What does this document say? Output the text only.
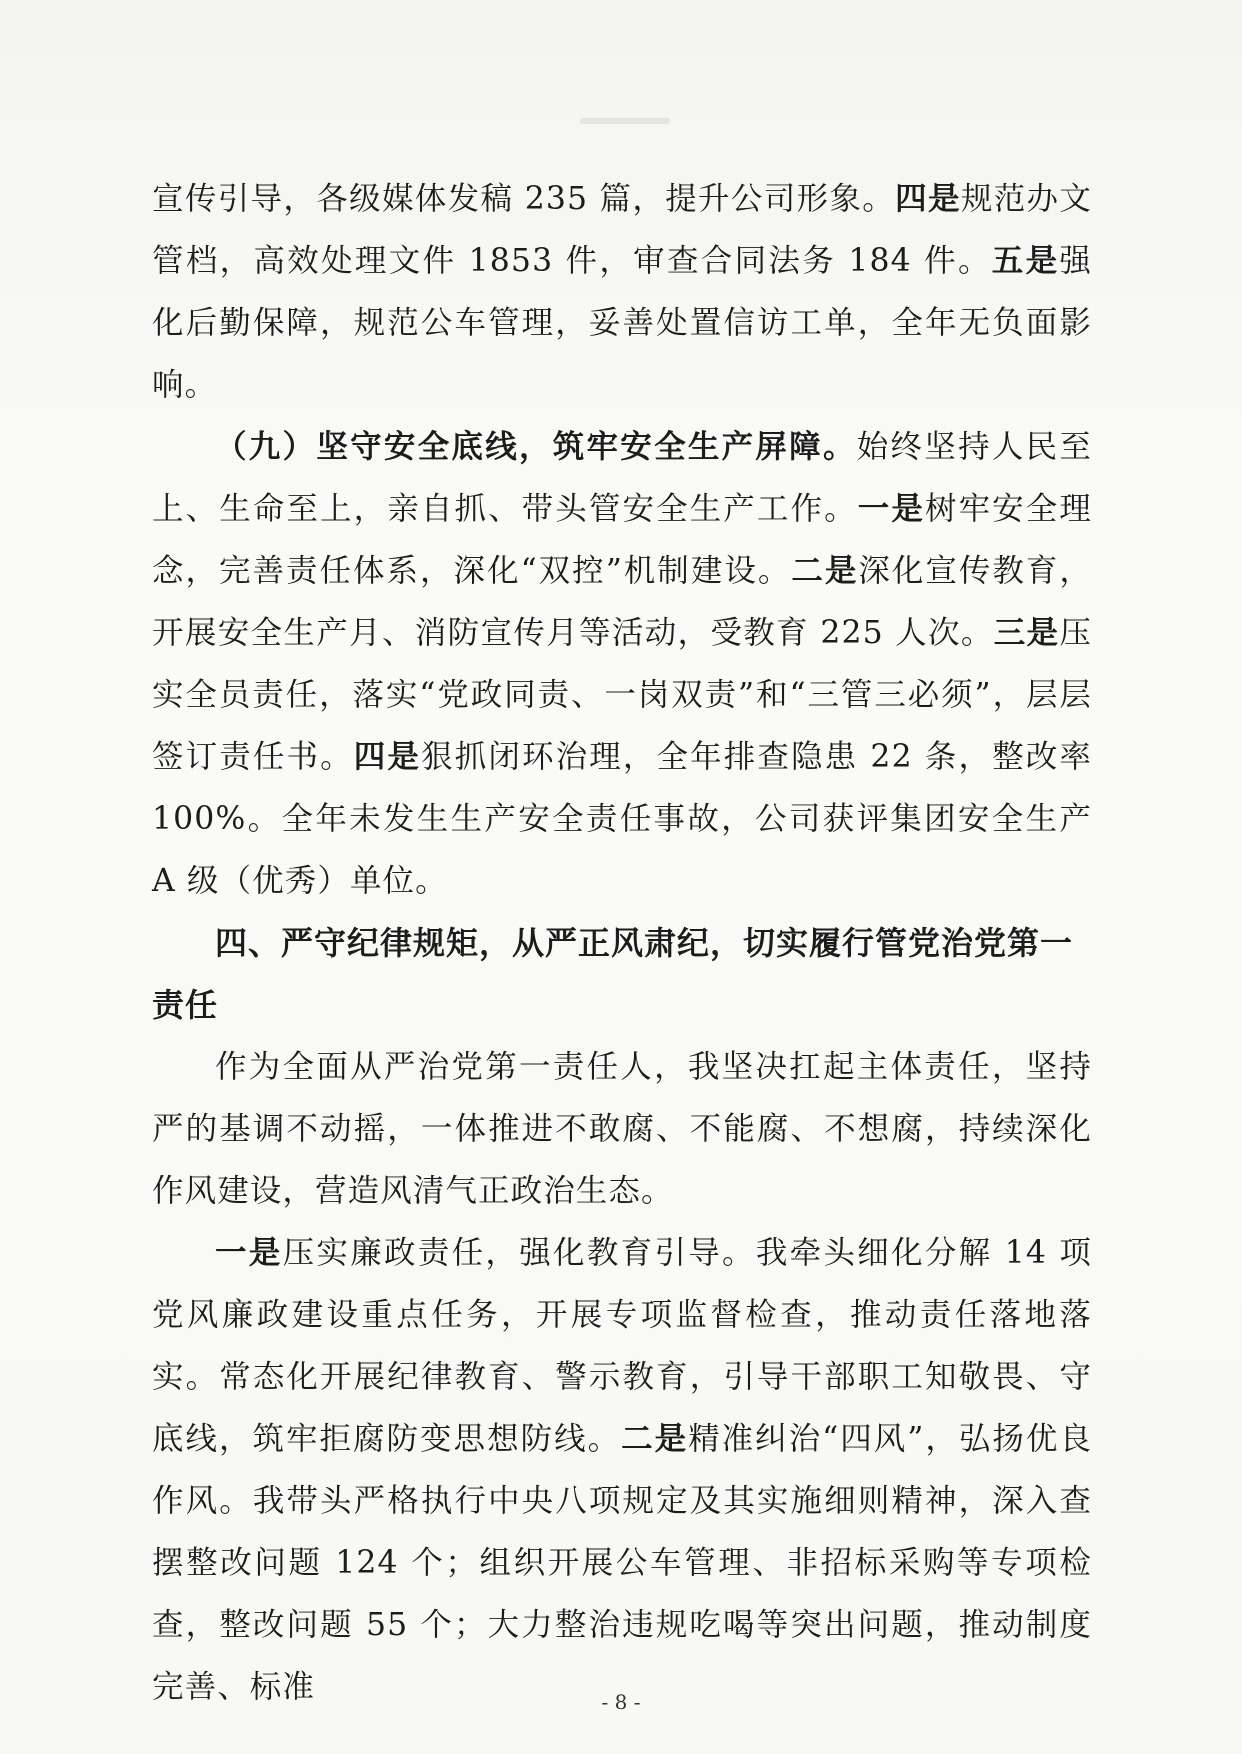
宣传引导，各级媒体发稿 235 篇，提升公司形象。四是规范办文管档，高效处理文件 1853 件，审查合同法务 184 件。五是强化后勤保障，规范公车管理，妥善处置信访工单，全年无负面影响。

（九）坚守安全底线，筑牢安全生产屏障。始终坚持人民至上、生命至上，亲自抓、带头管安全生产工作。一是树牢安全理念，完善责任体系，深化“双控”机制建设。二是深化宣传教育，开展安全生产月、消防宣传月等活动，受教育 225 人次。三是压实全员责任，落实“党政同责、一岗双责”和“三管三必须”，层层签订责任书。四是狠抓闭环治理，全年排查隐患 22 条，整改率 100%。全年未发生生产安全责任事故，公司获评集团安全生产 A 级（优秀）单位。

四、严守纪律规矩，从严正风肃纪，切实履行管党治党第一责任

作为全面从严治党第一责任人，我坚决扛起主体责任，坚持严的基调不动摇，一体推进不敢腐、不能腐、不想腐，持续深化作风建设，营造风清气正政治生态。

一是压实廉政责任，强化教育引导。我牵头细化分解 14 项党风廉政建设重点任务，开展专项监督检查，推动责任落地落实。常态化开展纪律教育、警示教育，引导干部职工知敬畏、守底线，筑牢拒腐防变思想防线。二是精准纠治“四风”，弘扬优良作风。我带头严格执行中央八项规定及其实施细则精神，深入查摆整改问题 124 个；组织开展公车管理、非招标采购等专项检查，整改问题 55 个；大力整治违规吃喝等突出问题，推动制度完善、标准	- 8 -
